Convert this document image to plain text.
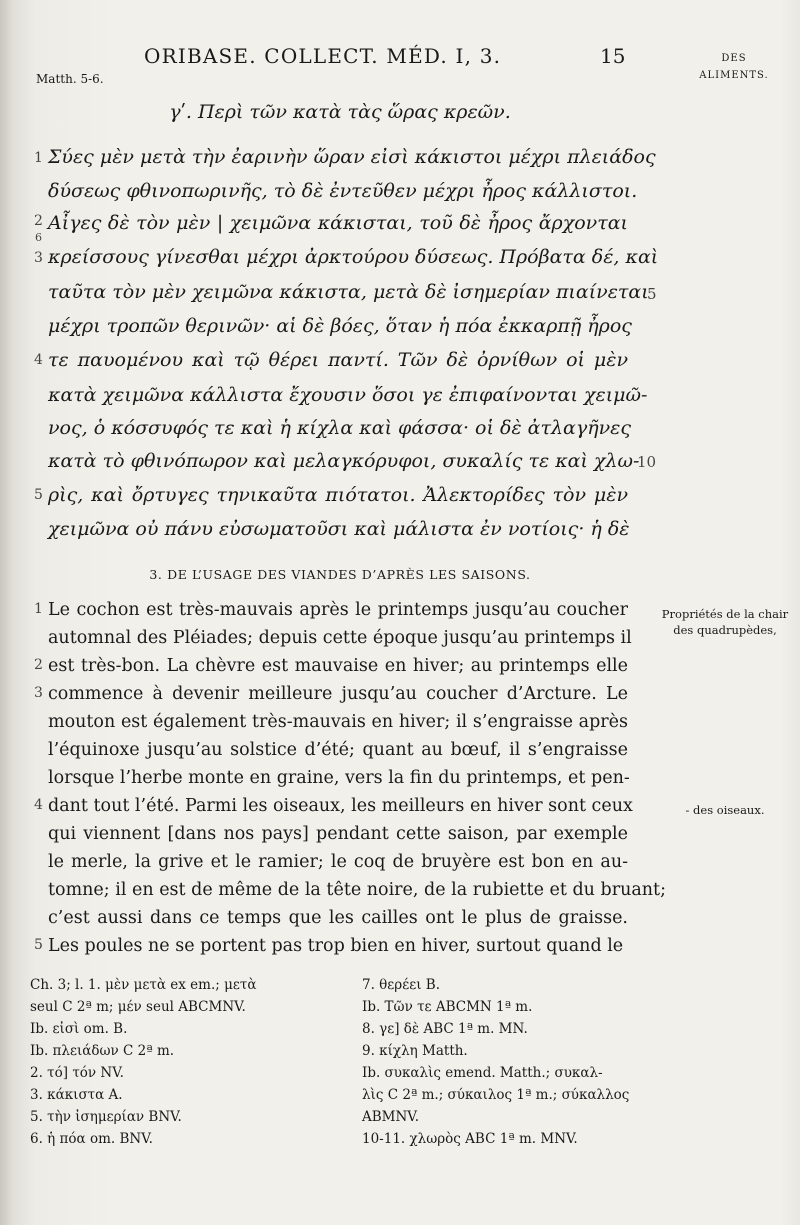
ORIBASE. COLLECT. MÉD. I, 3.	15	DES
ALIMENTS.
Matth. 5-6.
γʹ. Περὶ τῶν κατὰ τὰς ὥρας κρεῶν.
Σύες μὲν μετὰ τὴν ἐαρινὴν ὥραν εἰσὶ κάκιστοι μέχρι πλειάδος
δύσεως φθινοπωρινῆς, τὸ δὲ ἐντεῦθεν μέχρι ἦρος κάλλιστοι.
Αἶγες δὲ τὸν μὲν | χειμῶνα κάκισται, τοῦ δὲ ἦρος ἄρχονται
κρείσσους γίνεσθαι μέχρι ἀρκτούρου δύσεως. Πρόβατα δέ, καὶ
ταῦτα τὸν μὲν χειμῶνα κάκιστα, μετὰ δὲ ἰσημερίαν πιαίνεται
μέχρι τροπῶν θερινῶν· αἱ δὲ βόες, ὅταν ἡ πόα ἐκκαρπῇ ἦρος
τε παυομένου καὶ τῷ θέρει παντί. Τῶν δὲ ὀρνίθων οἱ μὲν
κατὰ χειμῶνα κάλλιστα ἔχουσιν ὅσοι γε ἐπιφαίνονται χειμῶ-
νος, ὁ κόσσυφός τε καὶ ἡ κίχλα καὶ φάσσα· οἱ δὲ ἀτλαγῆνες
κατὰ τὸ φθινόπωρον καὶ μελαγκόρυφοι, συκαλίς τε καὶ χλω-
ρὶς, καὶ ὄρτυγες τηνικαῦτα πιότατοι. Ἀλεκτορίδες τὸν μὲν
χειμῶνα οὐ πάνυ εὐσωματοῦσι καὶ μάλιστα ἐν νοτίοις· ἡ δὲ
1
2
6
3
4
5
5
10
3. DE L’USAGE DES VIANDES D’APRÈS LES SAISONS.
Le cochon est très-mauvais après le printemps jusqu’au coucher
automnal des Pléiades; depuis cette époque jusqu’au printemps il
est très-bon. La chèvre est mauvaise en hiver; au printemps elle
commence à devenir meilleure jusqu’au coucher d’Arcture. Le
mouton est également très-mauvais en hiver; il s’engraisse après
l’équinoxe jusqu’au solstice d’été; quant au bœuf, il s’engraisse
lorsque l’herbe monte en graine, vers la fin du printemps, et pen-
dant tout l’été. Parmi les oiseaux, les meilleurs en hiver sont ceux
qui viennent [dans nos pays] pendant cette saison, par exemple
le merle, la grive et le ramier; le coq de bruyère est bon en au-
tomne; il en est de même de la tête noire, de la rubiette et du bruant;
c’est aussi dans ce temps que les cailles ont le plus de graisse.
Les poules ne se portent pas trop bien en hiver, surtout quand le
1
2
3
4
5
Propriétés de la chair des quadrupèdes,
- des oiseaux.
Ch. 3; l. 1. μὲν μετὰ ex em.; μετὰ
seul C 2ª m; μέν seul ABCMNV.
Ib. εἰσὶ om. B.
Ib. πλειάδων C 2ª m.
2. τό] τόν NV.
3. κάκιστα A.
5. τὴν ἰσημερίαν BNV.
6. ἡ πόα om. BNV.
7. θερέει B.
Ib. Τῶν τε ABCMN 1ª m.
8. γε] δὲ ABC 1ª m. MN.
9. κίχλη Matth.
Ib. συκαλὶς emend. Matth.; συκαλ-
λὶς C 2ª m.; σύκαιλος 1ª m.; σύκαλλος
ABMNV.
10-11. χλωρὸς ABC 1ª m. MNV.
